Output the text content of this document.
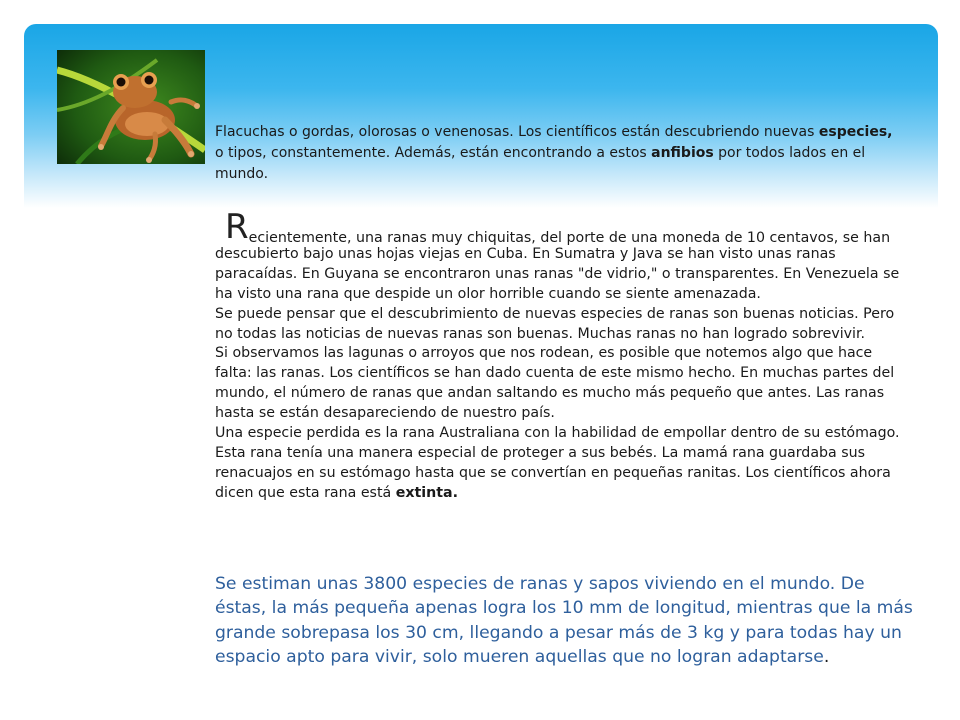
Flacuchas o gordas, olorosas o venenosas. Los científicos están descubriendo nuevas especies, o tipos, constantemente. Además, están encontrando a estos anfibios por todos lados en el mundo.

Recientemente, una ranas muy chiquitas, del porte de una moneda de 10 centavos, se han
descubierto bajo unas hojas viejas en Cuba. En Sumatra y Java se han visto unas ranas paracaídas. En Guyana se encontraron unas ranas "de vidrio," o transparentes. En Venezuela se ha visto una rana que despide un olor horrible cuando se siente amenazada.

Se puede pensar que el descubrimiento de nuevas especies de ranas son buenas noticias. Pero no todas las noticias de nuevas ranas son buenas. Muchas ranas no han logrado sobrevivir.

Si observamos las lagunas o arroyos que nos rodean, es posible que notemos algo que hace falta: las ranas. Los científicos se han dado cuenta de este mismo hecho. En muchas partes del mundo, el número de ranas que andan saltando es mucho más pequeño que antes. Las ranas hasta se están desapareciendo de nuestro país.

Una especie perdida es la rana Australiana con la habilidad de empollar dentro de su estómago. Esta rana tenía una manera especial de proteger a sus bebés. La mamá rana guardaba sus renacuajos en su estómago hasta que se convertían en pequeñas ranitas. Los científicos ahora dicen que esta rana está extinta.

Se estiman unas 3800 especies de ranas y sapos viviendo en el mundo. De éstas, la más pequeña apenas logra los 10 mm de longitud, mientras que la más grande sobrepasa los 30 cm, llegando a pesar más de 3 kg y para todas hay un espacio apto para vivir, solo mueren aquellas que no logran adaptarse.
